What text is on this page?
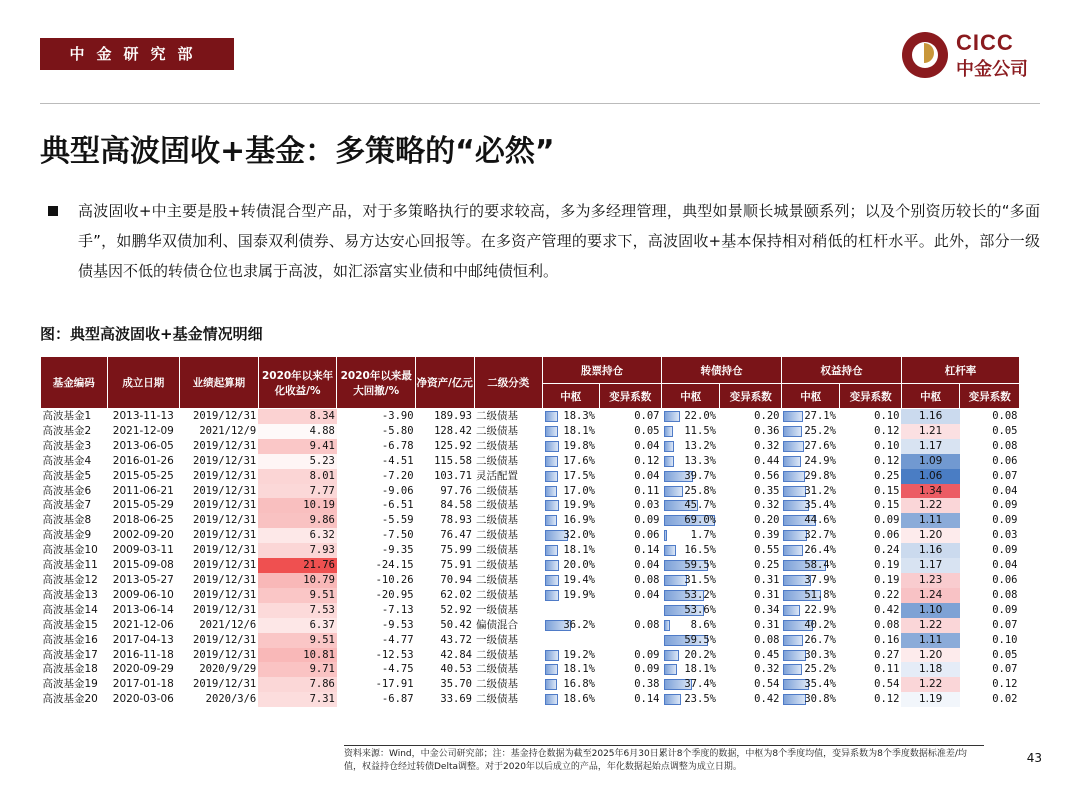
中金研究部	CICC
中金公司
典型高波固收+基金：多策略的“必然”
高波固收+中主要是股+转债混合型产品，对于多策略执行的要求较高，多为多经理管理，典型如景顺长城景颐系列；以及个别资历较长的“多面手”，如鹏华双债加利、国泰双利债券、易方达安心回报等。在多资产管理的要求下，高波固收+基本保持相对稍低的杠杆水平。此外，部分一级债基因不低的转债仓位也隶属于高波，如汇添富实业债和中邮纯债恒利。
图：典型高波固收+基金情况明细
基金编码	成立日期	业绩起算期	2020年以来年化收益/%	2020年以来最大回撤/%	净资产/亿元	二级分类	股票持仓		转债持仓		权益持仓		杠杆率	
							中枢	变异系数	中枢	变异系数	中枢	变异系数	中枢	变异系数
高波基金1	2013-11-13	2019/12/31	8.34	-3.90	189.93	二级债基	18.3%	0.07	22.0%	0.20	27.1%	0.10	1.16	0.08
高波基金2	2021-12-09	2021/12/9	4.88	-5.80	128.42	二级债基	18.1%	0.05	11.5%	0.36	25.2%	0.12	1.21	0.05
高波基金3	2013-06-05	2019/12/31	9.41	-6.78	125.92	二级债基	19.8%	0.04	13.2%	0.32	27.6%	0.10	1.17	0.08
高波基金4	2016-01-26	2019/12/31	5.23	-4.51	115.58	二级债基	17.6%	0.12	13.3%	0.44	24.9%	0.12	1.09	0.06
高波基金5	2015-05-25	2019/12/31	8.01	-7.20	103.71	灵活配置	17.5%	0.04	39.7%	0.56	29.8%	0.25	1.06	0.07
高波基金6	2011-06-21	2019/12/31	7.77	-9.06	97.76	二级债基	17.0%	0.11	25.8%	0.35	31.2%	0.15	1.34	0.04
高波基金7	2015-05-29	2019/12/31	10.19	-6.51	84.58	二级债基	19.9%	0.03	45.7%	0.32	35.4%	0.15	1.22	0.09
高波基金8	2018-06-25	2019/12/31	9.86	-5.59	78.93	二级债基	16.9%	0.09	69.0%	0.20	44.6%	0.09	1.11	0.09
高波基金9	2002-09-20	2019/12/31	6.32	-7.50	76.47	二级债基	32.0%	0.06	1.7%	0.39	32.7%	0.06	1.20	0.03
高波基金10	2009-03-11	2019/12/31	7.93	-9.35	75.99	二级债基	18.1%	0.14	16.5%	0.55	26.4%	0.24	1.16	0.09
高波基金11	2015-09-08	2019/12/31	21.76	-24.15	75.91	二级债基	20.0%	0.04	59.5%	0.25	58.4%	0.19	1.17	0.04
高波基金12	2013-05-27	2019/12/31	10.79	-10.26	70.94	二级债基	19.4%	0.08	31.5%	0.31	37.9%	0.19	1.23	0.06
高波基金13	2009-06-10	2019/12/31	9.51	-20.95	62.02	二级债基	19.9%	0.04	53.2%	0.31	51.8%	0.22	1.24	0.08
高波基金14	2013-06-14	2019/12/31	7.53	-7.13	52.92	一级债基			53.6%	0.34	22.9%	0.42	1.10	0.09
高波基金15	2021-12-06	2021/12/6	6.37	-9.53	50.42	偏债混合	36.2%	0.08	8.6%	0.31	40.2%	0.08	1.22	0.07
高波基金16	2017-04-13	2019/12/31	9.51	-4.77	43.72	一级债基			59.5%	0.08	26.7%	0.16	1.11	0.10
高波基金17	2016-11-18	2019/12/31	10.81	-12.53	42.84	二级债基	19.2%	0.09	20.2%	0.45	30.3%	0.27	1.20	0.05
高波基金18	2020-09-29	2020/9/29	9.71	-4.75	40.53	二级债基	18.1%	0.09	18.1%	0.32	25.2%	0.11	1.18	0.07
高波基金19	2017-01-18	2019/12/31	7.86	-17.91	35.70	二级债基	16.8%	0.38	37.4%	0.54	35.4%	0.54	1.22	0.12
高波基金20	2020-03-06	2020/3/6	7.31	-6.87	33.69	二级债基	18.6%	0.14	23.5%	0.42	30.8%	0.12	1.19	0.02
资料来源：Wind，中金公司研究部；注：基金持仓数据为截至2025年6月30日累计8个季度的数据，中枢为8个季度均值，变异系数为8个季度数据标准差/均值，权益持仓经过转债Delta调整。对于2020年以后成立的产品，年化数据起始点调整为成立日期。
43
